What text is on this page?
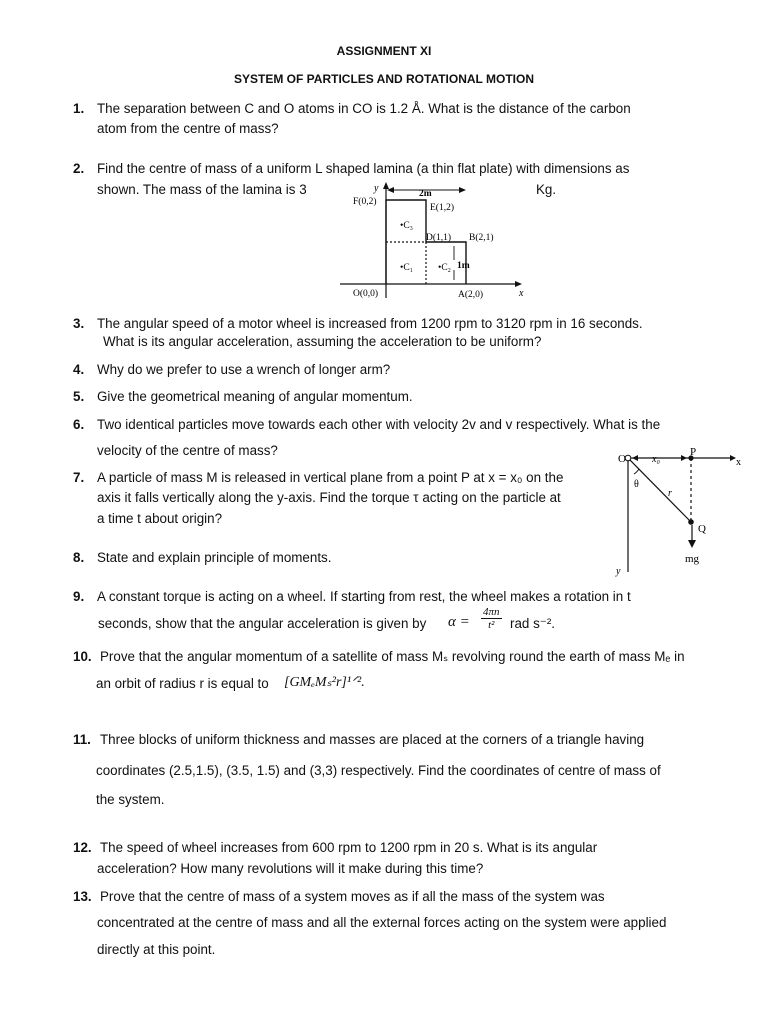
ASSIGNMENT XI
SYSTEM OF PARTICLES AND ROTATIONAL MOTION
1. The separation between C and O atoms in CO is 1.2 Å. What is the distance of the carbon
atom from the centre of mass?
2. Find the centre of mass of a uniform L shaped lamina (a thin flat plate) with dimensions as
shown. The mass of the lamina is 3	Kg.
y
x
F(0,2)
E(1,2)
D(1,1) B(2,1)
A(2,0)
O(0,0)
•C₃
•C₁	•C₂
2m
1m
3. The angular speed of a motor wheel is increased from 1200 rpm to 3120 rpm in 16 seconds.
What is its angular acceleration, assuming the acceleration to be uniform?
4. Why do we prefer to use a wrench of longer arm?
5. Give the geometrical meaning of angular momentum.
6. Two identical particles move towards each other with velocity 2v and v respectively. What is the
velocity of the centre of mass?
7. A particle of mass M is released in vertical plane from a point P at x = x₀ on the
axis it falls vertically along the y-axis. Find the torque τ acting on the particle at
a time t about origin?
O	x₀
P
x
θ
r
Q
mg
y
8. State and explain principle of moments.
9. A constant torque is acting on a wheel. If starting from rest, the wheel makes a rotation in t
seconds, show that the angular acceleration is given by $\alpha = \frac{4\pi n}{\text{t²}}$ rad s⁻².
10. Prove that the angular momentum of a satellite of mass Mₛ revolving round the earth of mass Mₑ in
an orbit of radius r is equal to [GMₑMₛ²r]¹ᐟ².
11. Three blocks of uniform thickness and masses are placed at the corners of a triangle having
coordinates (2.5,1.5), (3.5, 1.5) and (3,3) respectively. Find the coordinates of centre of mass of
the system.
12. The speed of wheel increases from 600 rpm to 1200 rpm in 20 s. What is its angular
acceleration? How many revolutions will it make during this time?
13. Prove that the centre of mass of a system moves as if all the mass of the system was
concentrated at the centre of mass and all the external forces acting on the system were applied
directly at this point.
